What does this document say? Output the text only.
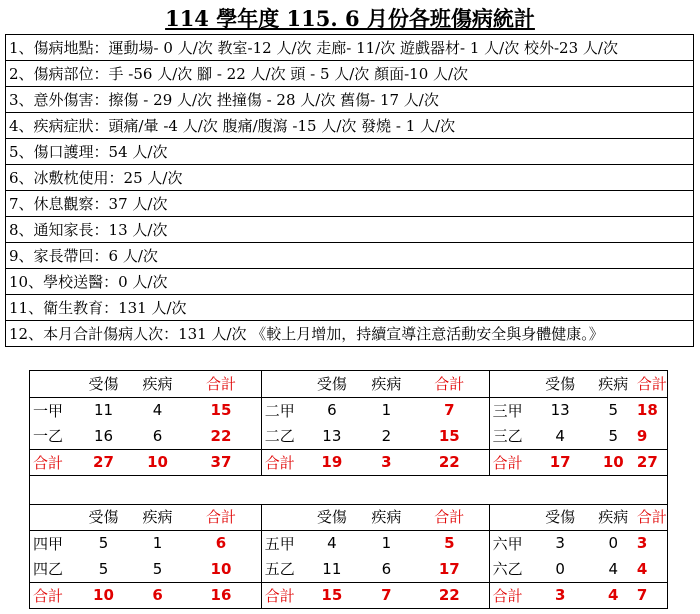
114 學年度 115. 6 月份各班傷病統計
1、傷病地點：運動場- 0 人/次 教室-12 人/次 走廊- 11/次 遊戲器材- 1 人/次 校外-23 人/次
2、傷病部位：手 -56 人/次 腳 - 22 人/次 頭 - 5 人/次 顏面-10 人/次
3、意外傷害：擦傷 - 29 人/次 挫撞傷 - 28 人/次 舊傷- 17 人/次
4、疾病症狀：頭痛/暈 -4 人/次 腹痛/腹瀉 -15 人/次 發燒 - 1 人/次
5、傷口護理：54 人/次
6、冰敷枕使用：25 人/次
7、休息觀察：37 人/次
8、通知家長：13 人/次
9、家長帶回：6 人/次
10、學校送醫：0 人/次
11、衛生教育：131 人/次
12、本月合計傷病人次：131 人/次 《較上月增加，持續宣導注意活動安全與身體健康。》
	受傷	疾病	合計		受傷	疾病	合計		受傷	疾病	合計
一甲	11	4	15	二甲	6	1	7	三甲	13	5	18
一乙	16	6	22	二乙	13	2	15	三乙	4	5	9
合計	27	10	37	合計	19	3	22	合計	17	10	27

	受傷	疾病	合計		受傷	疾病	合計		受傷	疾病	合計
四甲	5	1	6	五甲	4	1	5	六甲	3	0	3
四乙	5	5	10	五乙	11	6	17	六乙	0	4	4
合計	10	6	16	合計	15	7	22	合計	3	4	7
